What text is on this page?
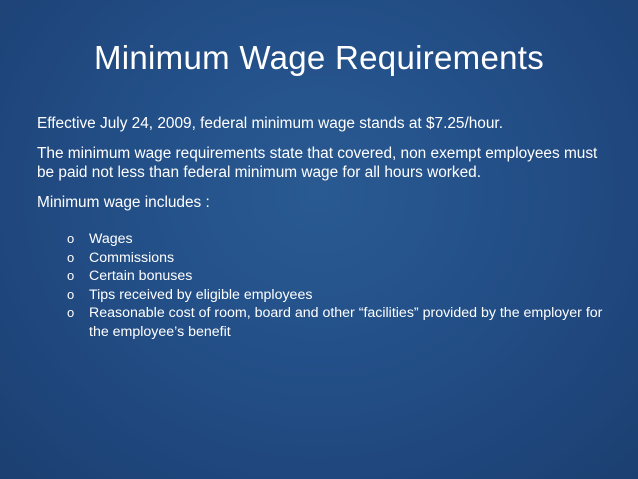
Minimum Wage Requirements

Effective July 24, 2009, federal minimum wage stands at $7.25/hour.

The minimum wage requirements state that covered, non exempt employees must be paid not less than federal minimum wage for all hours worked.

Minimum wage includes :

o Wages
o Commissions
o Certain bonuses
o Tips received by eligible employees
o Reasonable cost of room, board and other “facilities” provided by the employer for the employee’s benefit
